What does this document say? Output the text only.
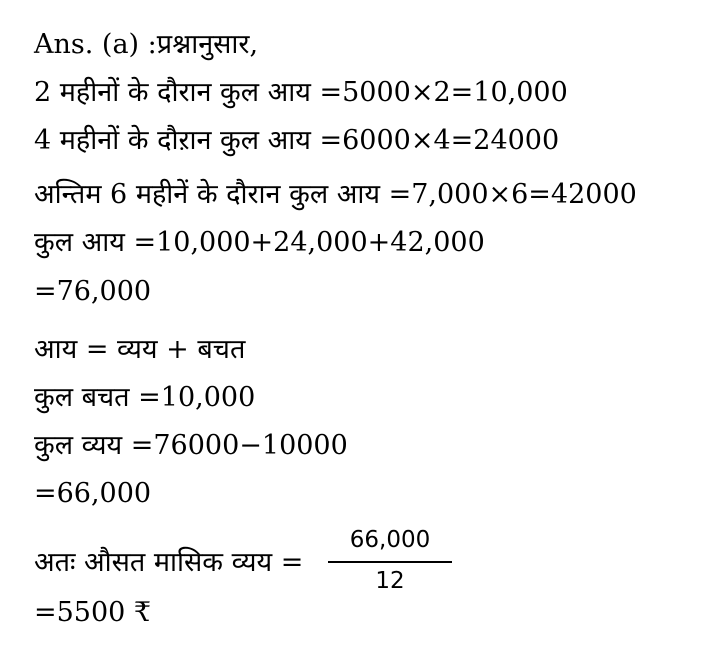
Ans. (a) :प्रश्नानुसार,
2 महीनों के दौरान कुल आय =5000×2=10,000
4 महीनों के दौऱान कुल आय =6000×4=24000
अन्तिम 6 महीनें के दौरान कुल आय =7,000×6=42000
कुल आय =10,000+24,000+42,000
=76,000
आय = व्यय + बचत
कुल बचत =10,000
कुल व्यय =76000−10000
=66,000
अतः औसत मासिक व्यय =
66,000
12
=5500 ₹
